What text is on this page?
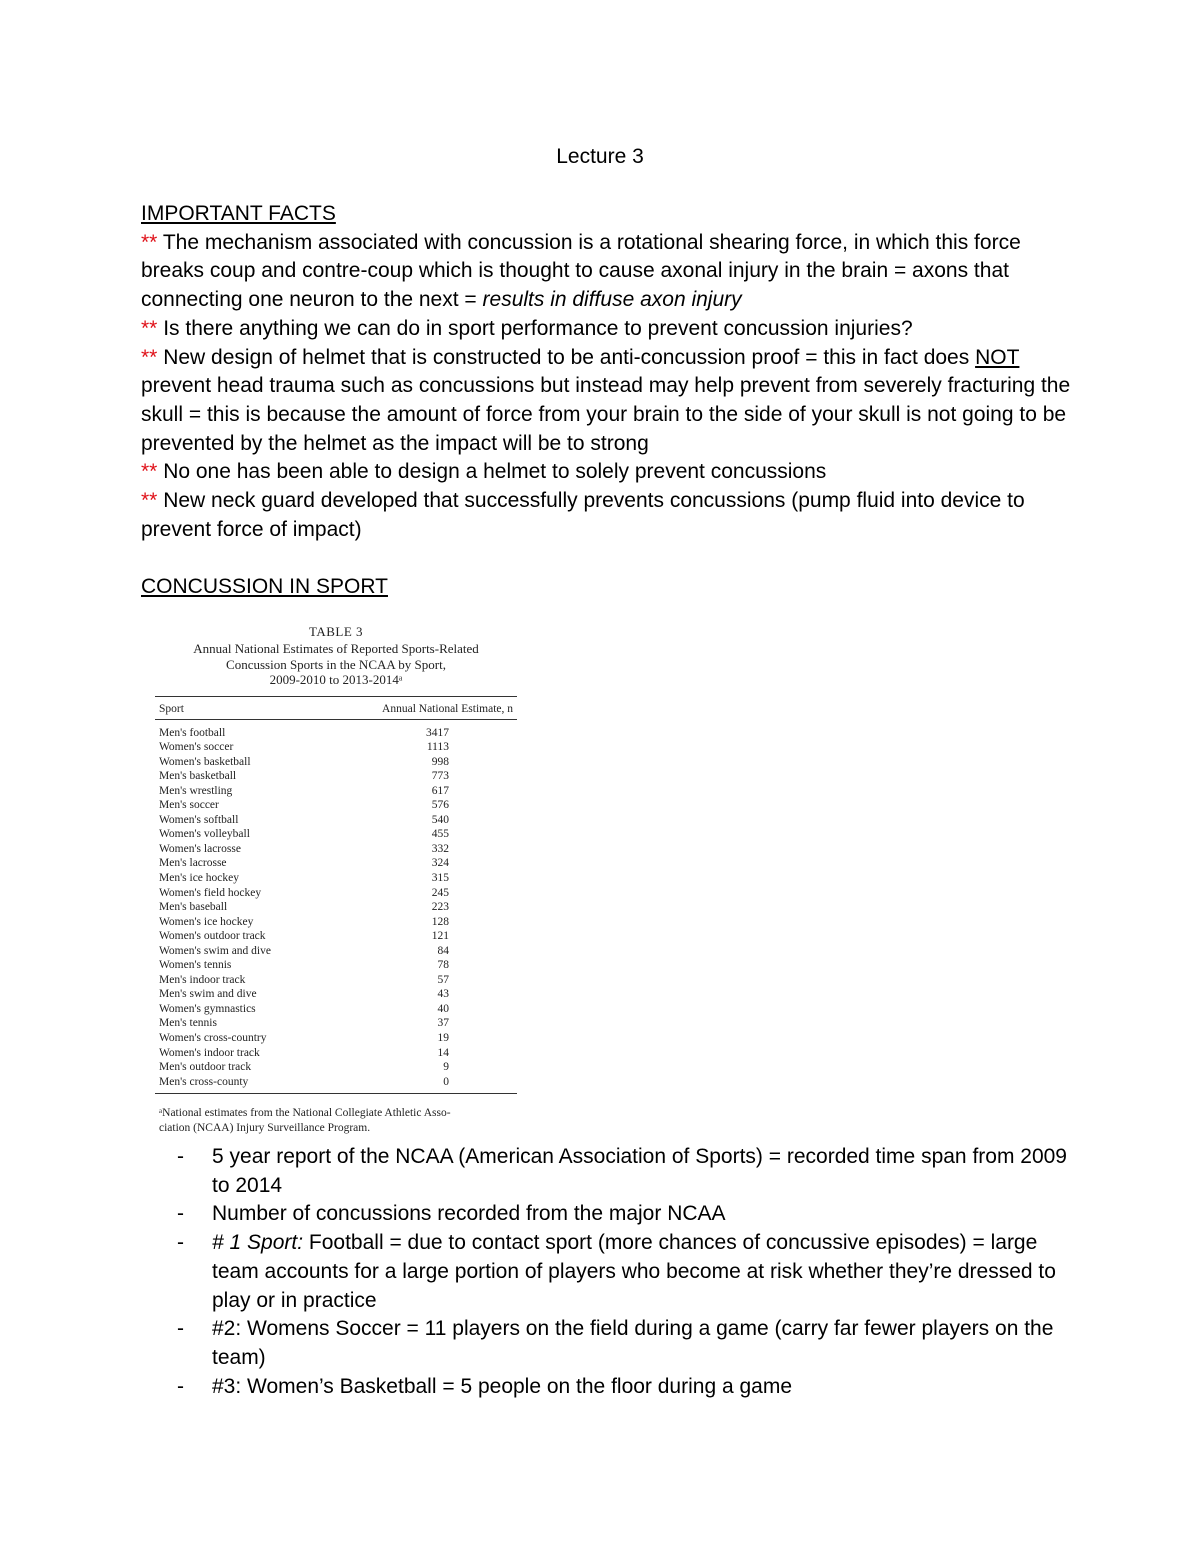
Lecture 3
IMPORTANT FACTS
** The mechanism associated with concussion is a rotational shearing force, in which this force breaks coup and contre-coup which is thought to cause axonal injury in the brain = axons that connecting one neuron to the next = results in diffuse axon injury
** Is there anything we can do in sport performance to prevent concussion injuries?
** New design of helmet that is constructed to be anti-concussion proof = this in fact does NOT prevent head trauma such as concussions but instead may help prevent from severely fracturing the skull = this is because the amount of force from your brain to the side of your skull is not going to be prevented by the helmet as the impact will be to strong
** No one has been able to design a helmet to solely prevent concussions
** New neck guard developed that successfully prevents concussions (pump fluid into device to prevent force of impact)
CONCUSSION IN SPORT
TABLE 3
Annual National Estimates of Reported Sports-Related
Concussion Sports in the NCAA by Sport,
2009-2010 to 2013-2014ᵃ
Sport	Annual National Estimate, n
Men's football	3417
Women's soccer	1113
Women's basketball	998
Men's basketball	773
Men's wrestling	617
Men's soccer	576
Women's softball	540
Women's volleyball	455
Women's lacrosse	332
Men's lacrosse	324
Men's ice hockey	315
Women's field hockey	245
Men's baseball	223
Women's ice hockey	128
Women's outdoor track	121
Women's swim and dive	84
Women's tennis	78
Men's indoor track	57
Men's swim and dive	43
Women's gymnastics	40
Men's tennis	37
Women's cross-country	19
Women's indoor track	14
Men's outdoor track	9
Men's cross-county	0
ᵃNational estimates from the National Collegiate Athletic Asso-
ciation (NCAA) Injury Surveillance Program.
-	5 year report of the NCAA (American Association of Sports) = recorded time span from 2009 to 2014
-	Number of concussions recorded from the major NCAA
-	# 1 Sport: Football = due to contact sport (more chances of concussive episodes) = large team accounts for a large portion of players who become at risk whether they’re dressed to play or in practice
-	#2: Womens Soccer = 11 players on the field during a game (carry far fewer players on the team)
-	#3: Women’s Basketball = 5 people on the floor during a game
